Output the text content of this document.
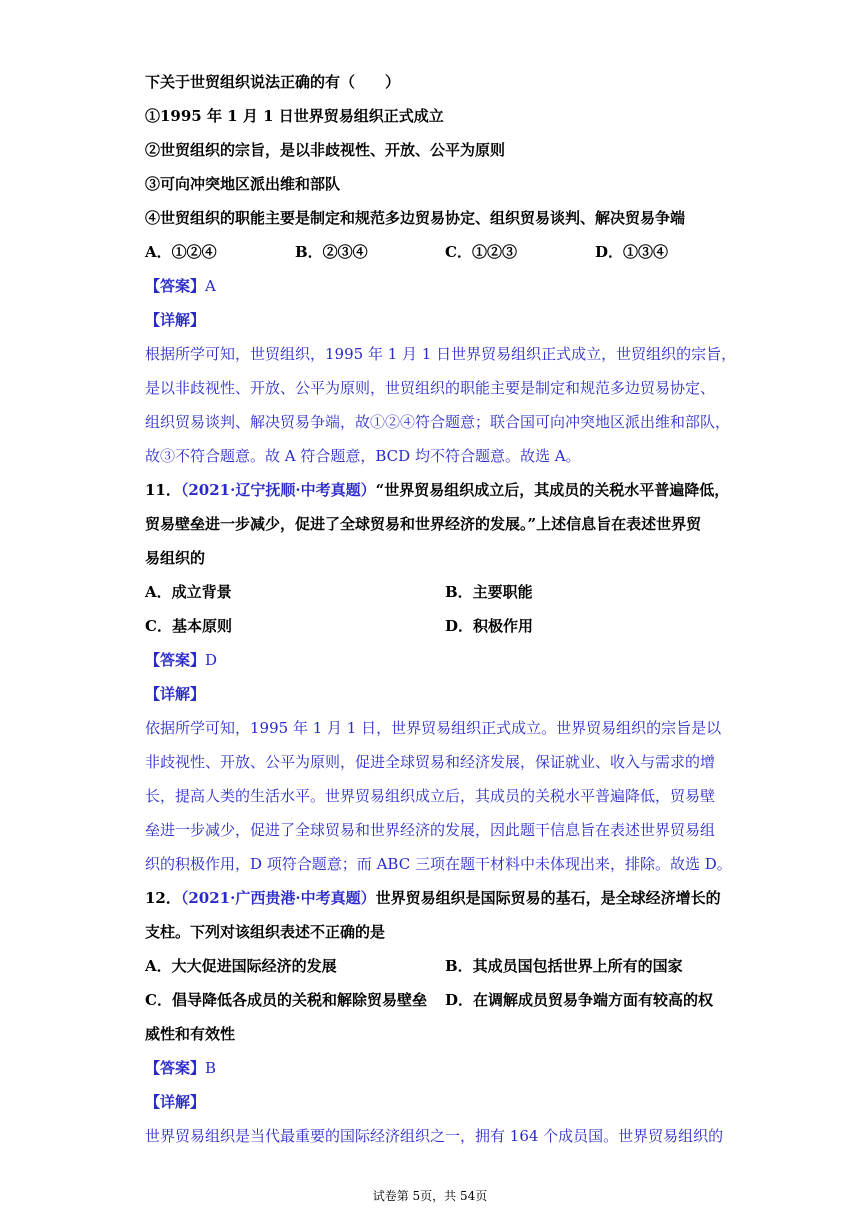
下关于世贸组织说法正确的有（　　）
①1995 年 1 月 1 日世界贸易组织正式成立
②世贸组织的宗旨，是以非歧视性、开放、公平为原则
③可向冲突地区派出维和部队
④世贸组织的职能主要是制定和规范多边贸易协定、组织贸易谈判、解决贸易争端
A．①②④	B．②③④	C．①②③	D．①③④
【答案】A
【详解】
根据所学可知，世贸组织，1995 年 1 月 1 日世界贸易组织正式成立，世贸组织的宗旨，
是以非歧视性、开放、公平为原则，世贸组织的职能主要是制定和规范多边贸易协定、
组织贸易谈判、解决贸易争端，故①②④符合题意；联合国可向冲突地区派出维和部队，
故③不符合题意。故 A 符合题意，BCD 均不符合题意。故选 A。
11．（2021·辽宁抚顺·中考真题）“世界贸易组织成立后，其成员的关税水平普遍降低，
贸易壁垒进一步减少，促进了全球贸易和世界经济的发展。”上述信息旨在表述世界贸
易组织的
A．成立背景	B．主要职能
C．基本原则	D．积极作用
【答案】D
【详解】
依据所学可知，1995 年 1 月 1 日，世界贸易组织正式成立。世界贸易组织的宗旨是以
非歧视性、开放、公平为原则，促进全球贸易和经济发展，保证就业、收入与需求的增
长，提高人类的生活水平。世界贸易组织成立后，其成员的关税水平普遍降低，贸易壁
垒进一步减少，促进了全球贸易和世界经济的发展，因此题干信息旨在表述世界贸易组
织的积极作用，D 项符合题意；而 ABC 三项在题干材料中未体现出来，排除。故选 D。
12．（2021·广西贵港·中考真题）世界贸易组织是国际贸易的基石，是全球经济增长的
支柱。下列对该组织表述不正确的是
A．大大促进国际经济的发展	B．其成员国包括世界上所有的国家
C．倡导降低各成员的关税和解除贸易壁垒 D．在调解成员贸易争端方面有较高的权
威性和有效性
【答案】B
【详解】
世界贸易组织是当代最重要的国际经济组织之一，拥有 164 个成员国。世界贸易组织的
试卷第 5页，共 54页
